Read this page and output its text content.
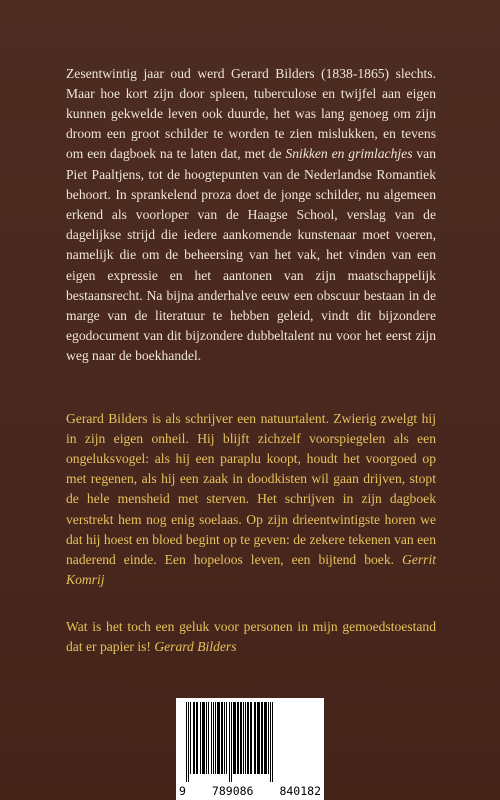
Zesentwintig jaar oud werd Gerard Bilders (1838-1865) slechts. Maar hoe kort zijn door spleen, tuberculose en twijfel aan eigen kunnen gekwelde leven ook duurde, het was lang genoeg om zijn droom een groot schilder te worden te zien mislukken, en tevens om een dagboek na te laten dat, met de Snikken en grimlachjes van Piet Paaltjens, tot de hoogtepunten van de Nederlandse Romantiek behoort. In sprankelend proza doet de jonge schilder, nu algemeen erkend als voorloper van de Haagse School, verslag van de dagelijkse strijd die iedere aankomende kunstenaar moet voeren, namelijk die om de beheersing van het vak, het vinden van een eigen expressie en het aantonen van zijn maatschappelijk bestaansrecht. Na bijna anderhalve eeuw een obscuur bestaan in de marge van de literatuur te hebben geleid, vindt dit bijzondere egodocument van dit bijzondere dubbeltalent nu voor het eerst zijn weg naar de boekhandel.

Gerard Bilders is als schrijver een natuurtalent. Zwierig zwelgt hij in zijn eigen onheil. Hij blijft zichzelf voorspiegelen als een ongeluksvogel: als hij een paraplu koopt, houdt het voorgoed op met regenen, als hij een zaak in doodkisten wil gaan drijven, stopt de hele mensheid met sterven. Het schrijven in zijn dagboek verstrekt hem nog enig soelaas. Op zijn drieentwintigste horen we dat hij hoest en bloed begint op te geven: de zekere tekenen van een naderend einde. Een hopeloos leven, een bijtend boek. Gerrit Komrij

Wat is het toch een geluk voor personen in mijn gemoedstoestand dat er papier is! Gerard Bilders

9 789086 840182
